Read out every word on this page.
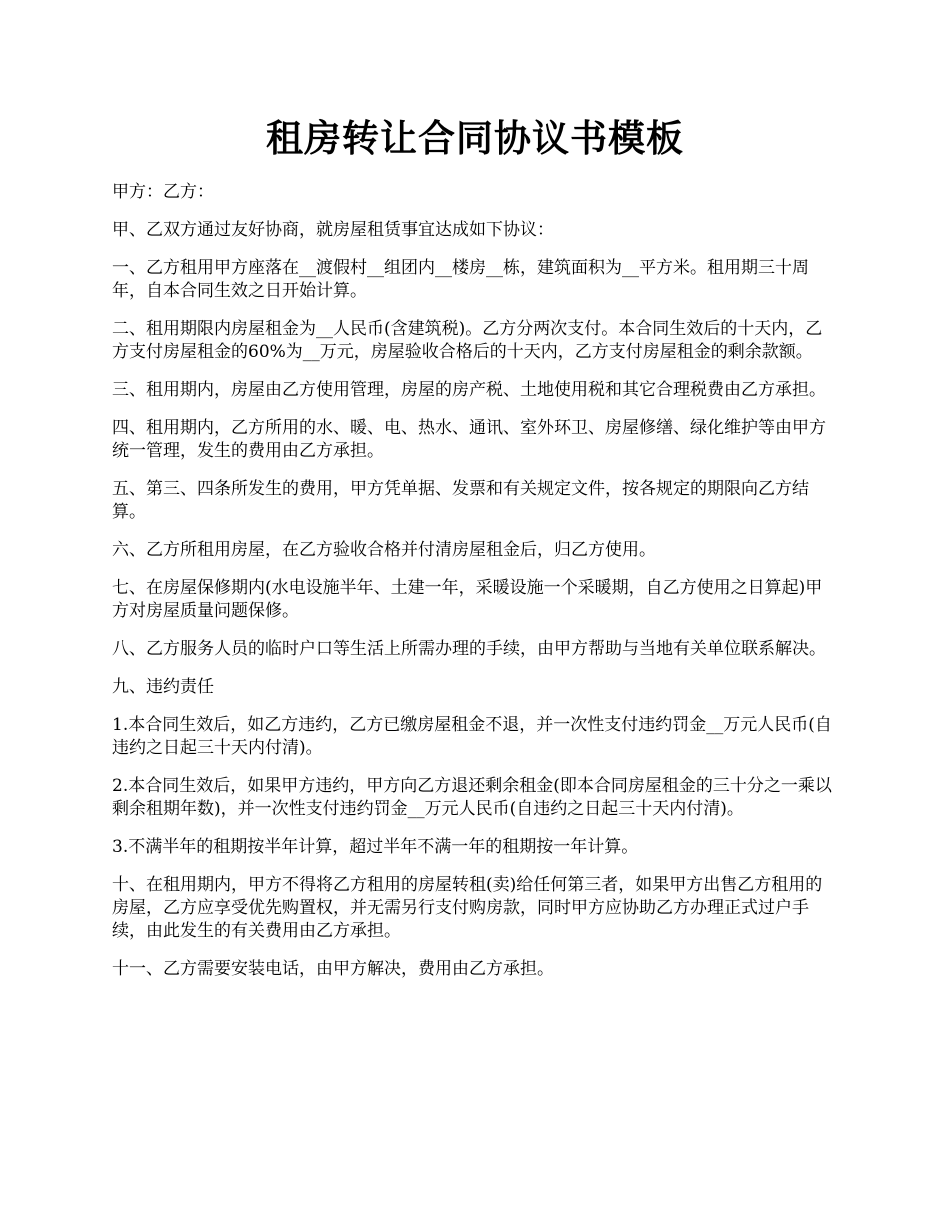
租房转让合同协议书模板

甲方：乙方：

甲、乙双方通过友好协商，就房屋租赁事宜达成如下协议：

一、乙方租用甲方座落在__渡假村__组团内__楼房__栋，建筑面积为__平方米。租用期三十周年，自本合同生效之日开始计算。

二、租用期限内房屋租金为__人民币(含建筑税)。乙方分两次支付。本合同生效后的十天内，乙方支付房屋租金的60%为__万元，房屋验收合格后的十天内，乙方支付房屋租金的剩余款额。

三、租用期内，房屋由乙方使用管理，房屋的房产税、土地使用税和其它合理税费由乙方承担。

四、租用期内，乙方所用的水、暖、电、热水、通讯、室外环卫、房屋修缮、绿化维护等由甲方统一管理，发生的费用由乙方承担。

五、第三、四条所发生的费用，甲方凭单据、发票和有关规定文件，按各规定的期限向乙方结算。

六、乙方所租用房屋，在乙方验收合格并付清房屋租金后，归乙方使用。

七、在房屋保修期内(水电设施半年、土建一年，采暖设施一个采暖期，自乙方使用之日算起)甲方对房屋质量问题保修。

八、乙方服务人员的临时户口等生活上所需办理的手续，由甲方帮助与当地有关单位联系解决。

九、违约责任

1.本合同生效后，如乙方违约，乙方已缴房屋租金不退，并一次性支付违约罚金__万元人民币(自违约之日起三十天内付清)。

2.本合同生效后，如果甲方违约，甲方向乙方退还剩余租金(即本合同房屋租金的三十分之一乘以剩余租期年数)，并一次性支付违约罚金__万元人民币(自违约之日起三十天内付清)。

3.不满半年的租期按半年计算，超过半年不满一年的租期按一年计算。

十、在租用期内，甲方不得将乙方租用的房屋转租(卖)给任何第三者，如果甲方出售乙方租用的房屋，乙方应享受优先购置权，并无需另行支付购房款，同时甲方应协助乙方办理正式过户手续，由此发生的有关费用由乙方承担。

十一、乙方需要安装电话，由甲方解决，费用由乙方承担。
